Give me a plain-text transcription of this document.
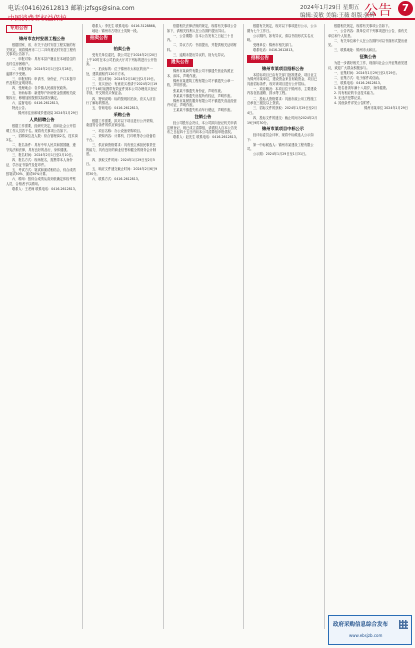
电话:(0416)2612813 邮箱:jzfsgs@sina.com
中国消费者权益保护
2024年1月29日 星期五
编辑:姜敏 美编:王薇 组版:张辉
公告	7
专用公告
锦州市农村安居工程公告

根据国家、省、市关于农村安居工程实施的有关规定，现将锦州市二〇二四年度农村安居工程有关事项公告如下。

一、申报对象：具有本县户籍且在本地居住的农村住房困难户。

二、申报时间：2024年2月1日至2月28日，逾期不予受理。

三、申报材料：申请书、身份证、户口本复印件及相关证明材料。

四、受理地点：各乡镇人民政府民政所。

五、补助标准：新建每户补助资金按照相关政策执行，修缮加固按照实际情况确定。

六、监督电话：0416-2612813。

特此公告。

锦州市住房和城乡建设局 2024年1月29日
人员招聘公告

根据工作需要，经研究决定，面向社会公开招聘工作人员若干名。现将有关事项公告如下。

一、招聘岗位及人数：综合管理岗2名，技术岗3名。

二、报名条件：具有中华人民共和国国籍，遵守宪法和法律，具有良好的品行，身体健康。

三、报名时间：2024年2月1日至2月10日。

四、报名方式：现场报名，需携带本人身份证、学历证书原件及复印件。

五、考试方式：笔试和面试相结合，综合成绩按笔试50%、面试50%计算。

六、聘用：按综合成绩从高到低确定体检考察人员，合格者予以聘用。

联系人：王老师 联系电话：0416-2612813。

联系人：李先生 联系电话：0416-3128868。

地址：锦州市古塔区士英街一段。

拍卖公告
拍卖公告

受有关单位委托，我公司定于2024年2月20日上午10时在本公司拍卖大厅对下列标的进行公开拍卖。

一、拍卖标的：位于锦州市太和区的房产一处，建筑面积约120平方米。

二、展示时间：2024年2月18日至2月19日。

三、竞买登记：有意竞买者请于2024年2月19日下午16时前携带有效证件到本公司办理竞买登记手续，并交纳竞买保证金。

四、特别说明：标的按现状拍卖，竞买人应自行了解标的情况。

五、咨询电话：0416-2612813。

采购公告

根据工作需要，拟对以下项目进行公开采购，欢迎符合条件的供应商参加。

一、项目名称：办公设备采购项目。

二、采购内容：计算机、打印机等办公设备若干台。

三、供应商资格要求：具有独立承担民事责任的能力，具有良好的商业信誉和健全的财务会计制度。

四、获取文件时间：2024年1月29日至2月5日。

五、响应文件递交截止时间：2024年2月6日9时30分。

六、联系方式：0416-2612813。

依据相关法律法规的规定，现将有关事项公告如下，请相关权利人在公告期内提出异议。

一、公告期限：自本公告发布之日起三十日内。

二、异议方式：书面提出，并提供相关证明材料。

三、逾期未提出异议的，视为无异议。

遗失公告

锦州市某商贸有限公司不慎遗失营业执照正本、副本，声明作废。

锦州市某建筑工程有限公司不慎遗失公章一枚，声明作废。

张某某不慎遗失身份证，声明作废。

李某某不慎遗失房屋所有权证，声明作废。

锦州市某餐饮服务有限公司不慎遗失食品经营许可证，声明作废。

王某某不慎遗失机动车行驶证，声明作废。

注销公告

经公司股东会决议，本公司拟向登记机关申请注销登记，现已成立清算组，请债权人自本公告发布之日起四十五日内向本公司清算组申报债权。

联系人：赵先生 联系电话：0416-2612813。

根据有关规定，现对以下事项进行公示，公示期为七个工作日。

公示期内，如有异议，请以书面形式实名反映。

受理单位：锦州市相关部门。

联系电话：0416-2612813。

招标公告
锦州市某项目招标公告

本招标项目已由有关部门批准建设，项目业主为锦州市某单位，建设资金来自财政资金，项目已具备招标条件，现对该项目进行公开招标。

一、项目概况：本项目位于锦州市，主要建设内容包括道路、排水等工程。

二、投标人资格要求：具备市政公用工程施工总承包三级及以上资质。

三、招标文件的获取：2024年1月29日至2月4日。

四、投标文件的递交：截止时间为2024年2月19日9时30分。

锦州市某项目中标公示

经评标委员会评审，现将中标候选人公示如下：

第一中标候选人：锦州市某建设工程有限公司。

公示期：2024年1月29日至1月31日。

根据相关规定，现将有关事项公告如下。

一、公告内容：我单位对下列事项进行公告，请有关单位和个人知悉。

二、有关单位和个人在公告期内可以书面形式提出意见。

三、联系地址：锦州市太和区。

征集公告

为进一步做好相关工作，现面向社会公开征集意见建议，欢迎广大群众积极参与。

一、征集时间：2024年1月29日至2月29日。

二、征集方式：电子邮件或信函。

三、联系电话：0416-2612813。

1. 报名者须年满十八周岁，身体健康。

2. 具有相应的专业技术能力。

3. 无违法犯罪记录。

4. 其他条件详见公告附件。

锦州市某单位 2024年1月29日
政府采购信息综合发布
www.ebsjzb.com
